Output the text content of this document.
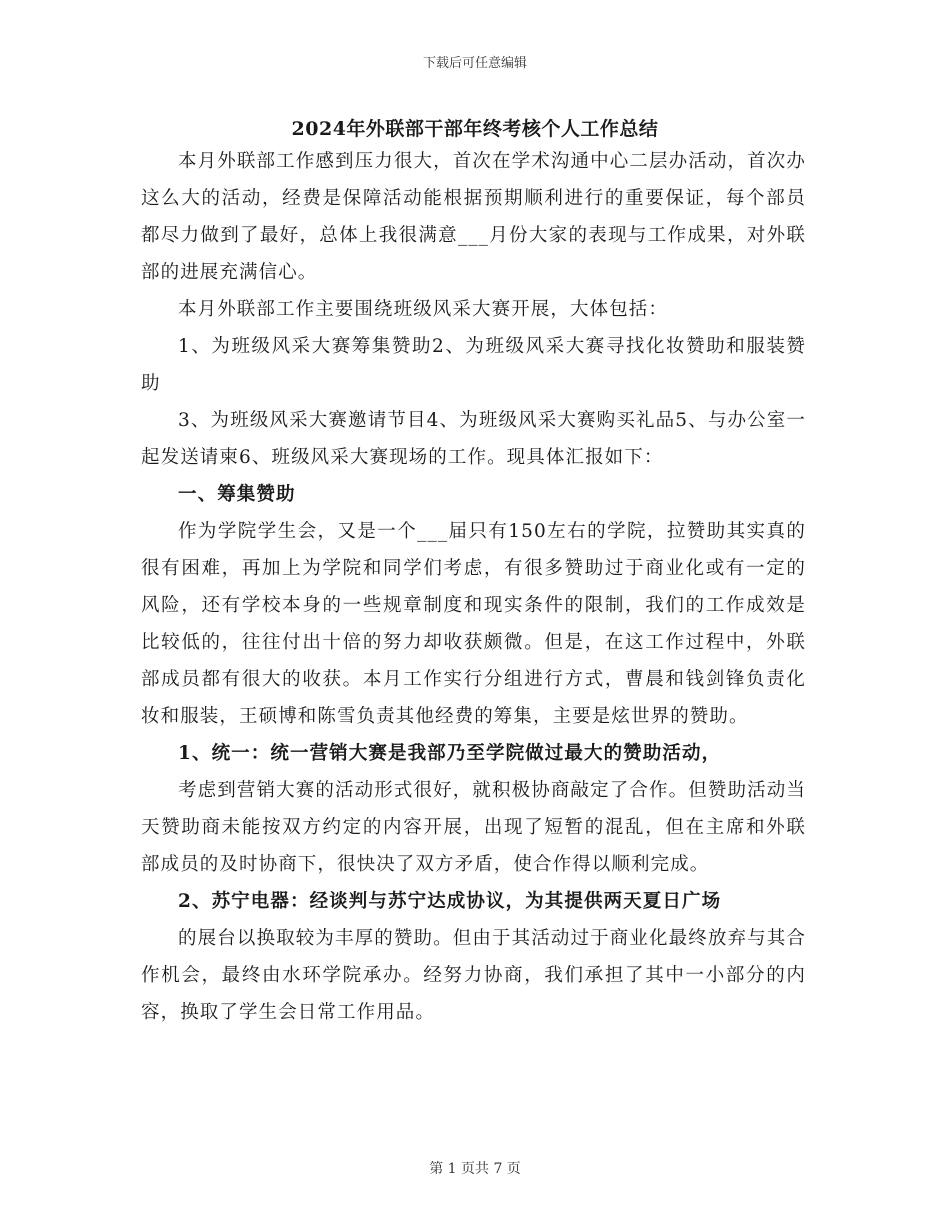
下载后可任意编辑
2024年外联部干部年终考核个人工作总结

本月外联部工作感到压力很大，首次在学术沟通中心二层办活动，首次办这么大的活动，经费是保障活动能根据预期顺利进行的重要保证，每个部员都尽力做到了最好，总体上我很满意___月份大家的表现与工作成果，对外联部的进展充满信心。

本月外联部工作主要围绕班级风采大赛开展，大体包括：

1、为班级风采大赛筹集赞助2、为班级风采大赛寻找化妆赞助和服装赞助

3、为班级风采大赛邀请节目4、为班级风采大赛购买礼品5、与办公室一起发送请柬6、班级风采大赛现场的工作。现具体汇报如下：

一、筹集赞助

作为学院学生会，又是一个___届只有150左右的学院，拉赞助其实真的很有困难，再加上为学院和同学们考虑，有很多赞助过于商业化或有一定的风险，还有学校本身的一些规章制度和现实条件的限制，我们的工作成效是比较低的，往往付出十倍的努力却收获颇微。但是，在这工作过程中，外联部成员都有很大的收获。本月工作实行分组进行方式，曹晨和钱剑锋负责化妆和服装，王硕博和陈雪负责其他经费的筹集，主要是炫世界的赞助。

1、统一：统一营销大赛是我部乃至学院做过最大的赞助活动，

考虑到营销大赛的活动形式很好，就积极协商敲定了合作。但赞助活动当天赞助商未能按双方约定的内容开展，出现了短暂的混乱，但在主席和外联部成员的及时协商下，很快决了双方矛盾，使合作得以顺利完成。

2、苏宁电器：经谈判与苏宁达成协议，为其提供两天夏日广场

的展台以换取较为丰厚的赞助。但由于其活动过于商业化最终放弃与其合作机会，最终由水环学院承办。经努力协商，我们承担了其中一小部分的内容，换取了学生会日常工作用品。

第 1 页共 7 页
